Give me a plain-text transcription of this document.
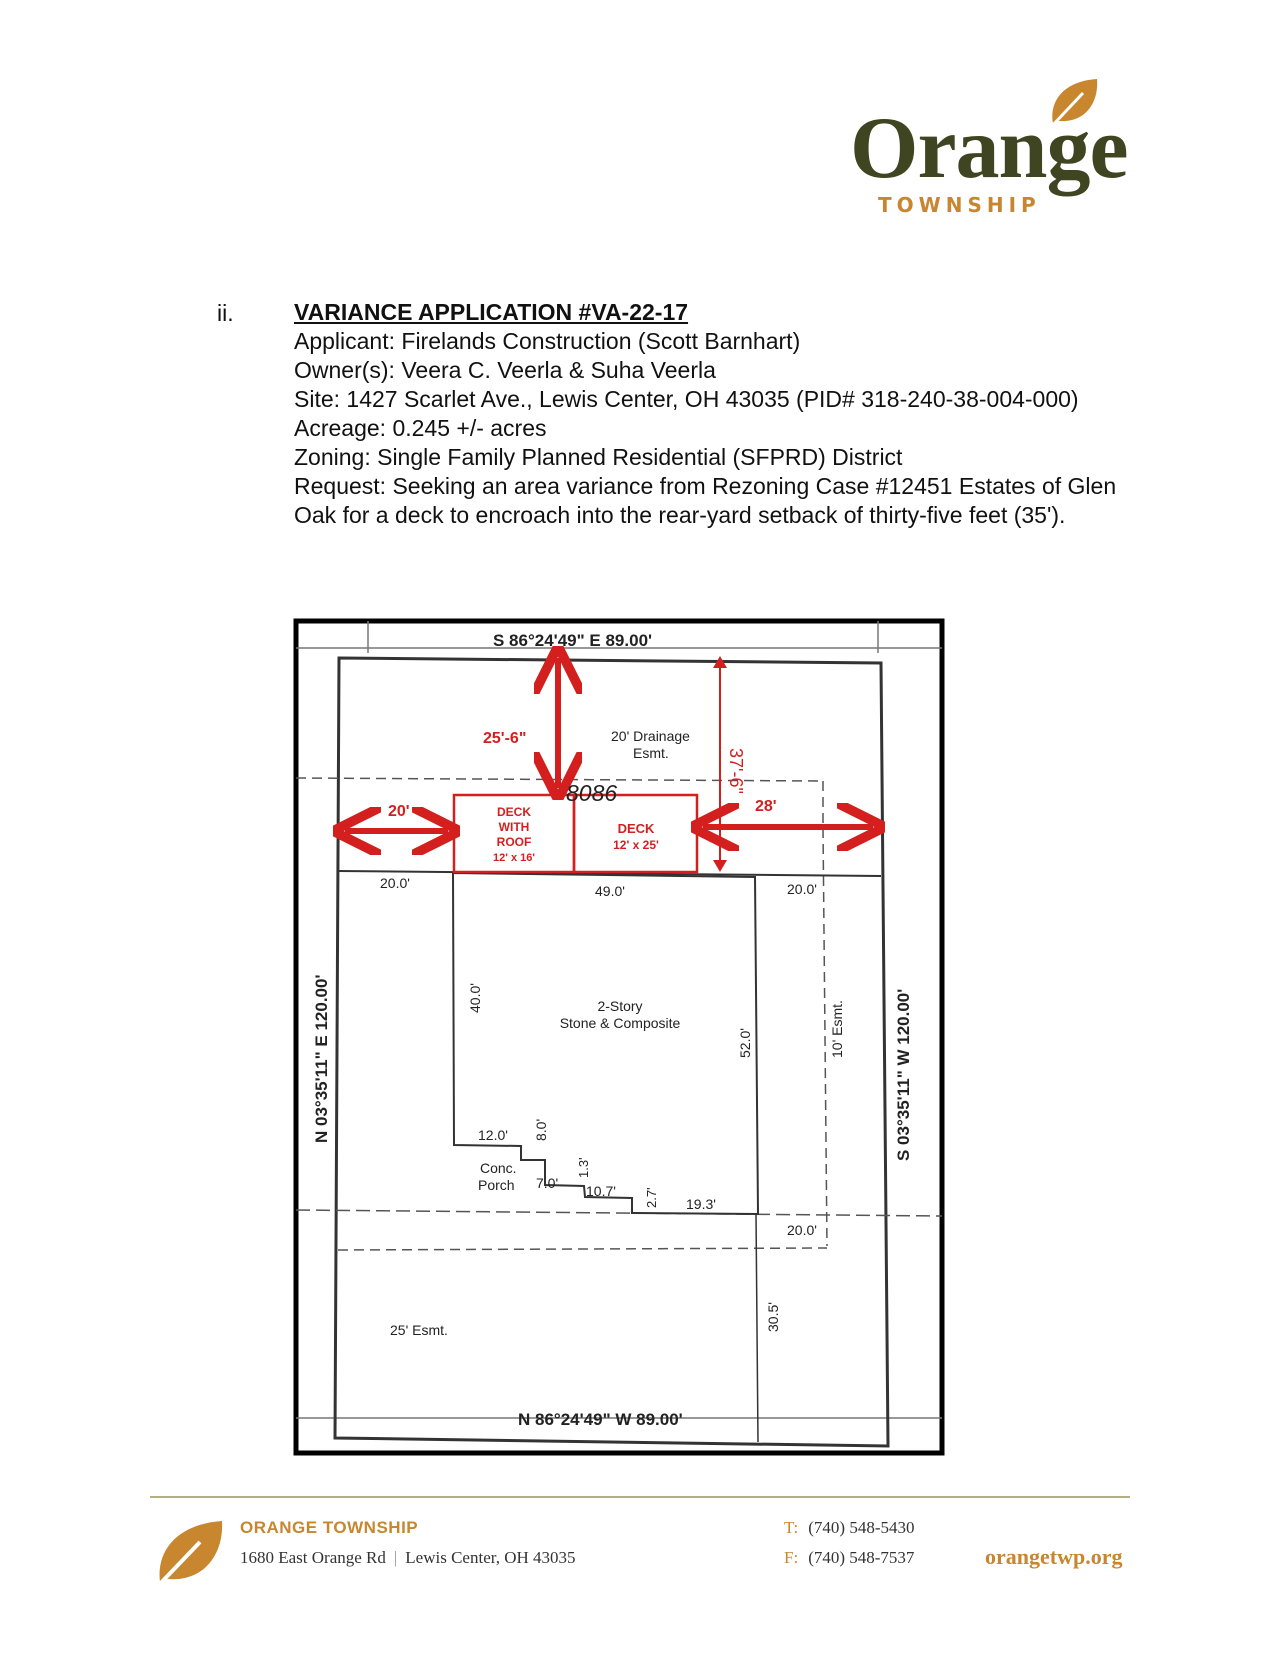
Orange
TOWNSHIP
ii.	VARIANCE APPLICATION #VA-22-17

Applicant: Firelands Construction (Scott Barnhart)

Owner(s): Veera C. Veerla & Suha Veerla

Site: 1427 Scarlet Ave., Lewis Center, OH 43035 (PID# 318-240-38-004-000)

Acreage: 0.245 +/- acres

Zoning: Single Family Planned Residential (SFPRD) District

Request: Seeking an area variance from Rezoning Case #12451 Estates of Glen Oak for a deck to encroach into the rear-yard setback of thirty-five feet (35').

S 86°24'49" E 89.00'
N 86°24'49" W 89.00'
N 03°35'11" E 120.00'	S 03°35'11" W 120.00'
25'-6"
37'-6"
20'	28'
20' Drainage
Esmt.
8086
DECK
WITH
ROOF
12' x 16'
DECK
12' x 25'
20.0'	49.0'	20.0'
40.0'
52.0'	10' Esmt.
2-Story
Stone & Composite
12.0' 8.0'
1.3'
Conc.
Porch 7.0' 10.7' 2.7' 19.3'
20.0'
30.5'
25' Esmt.
ORANGE TOWNSHIP
1680 East Orange Rd | Lewis Center, OH 43035
T: (740) 548-5430
F: (740) 548-7537	orangetwp.org
